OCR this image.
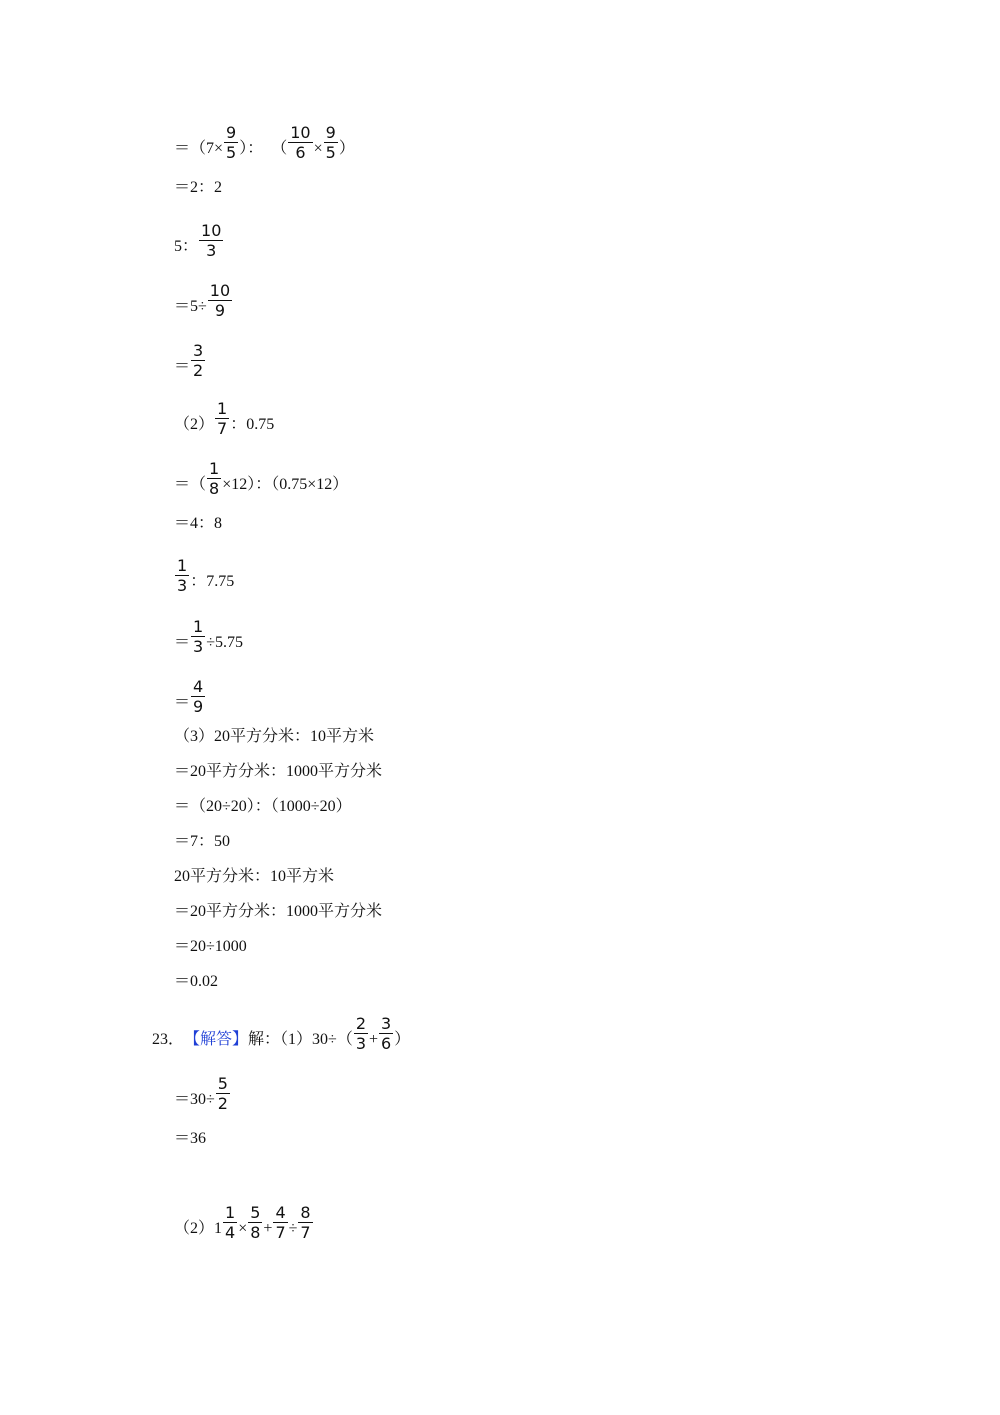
$=(7\times \frac{9}{5}$ ）： 　（ $\frac{10}{6} \times \frac{9}{5}$ ）
＝2：2
5： $\frac{10}{3}$
$=5\div \frac{10}{9}$
＝ $\frac{3}{2}$
$(2) \frac{1}{7}$ ：0.75
＝（ $\frac{1}{8} \times 12$）：（0.75×12）
＝4：8
$\frac{1}{3}$ ：7.75
＝ $\frac{1}{3} \div 5.75$
＝ $\frac{4}{9}$
（3）20平方分米：10平方米
＝20平方分米：1000平方分米
＝（20÷20）：（1000÷20）
＝7：50
20平方分米：10平方米
＝20平方分米：1000平方分米
＝20÷1000
＝0.02
23． 【解答】 解：$(1)30\div( \frac{2}{3} + \frac{3}{6}$ ）
$=30\div \frac{5}{2}$
＝36
$(2)1 \frac{1}{4} \times \frac{5}{8} + \frac{4}{7} \div \frac{8}{7}$
